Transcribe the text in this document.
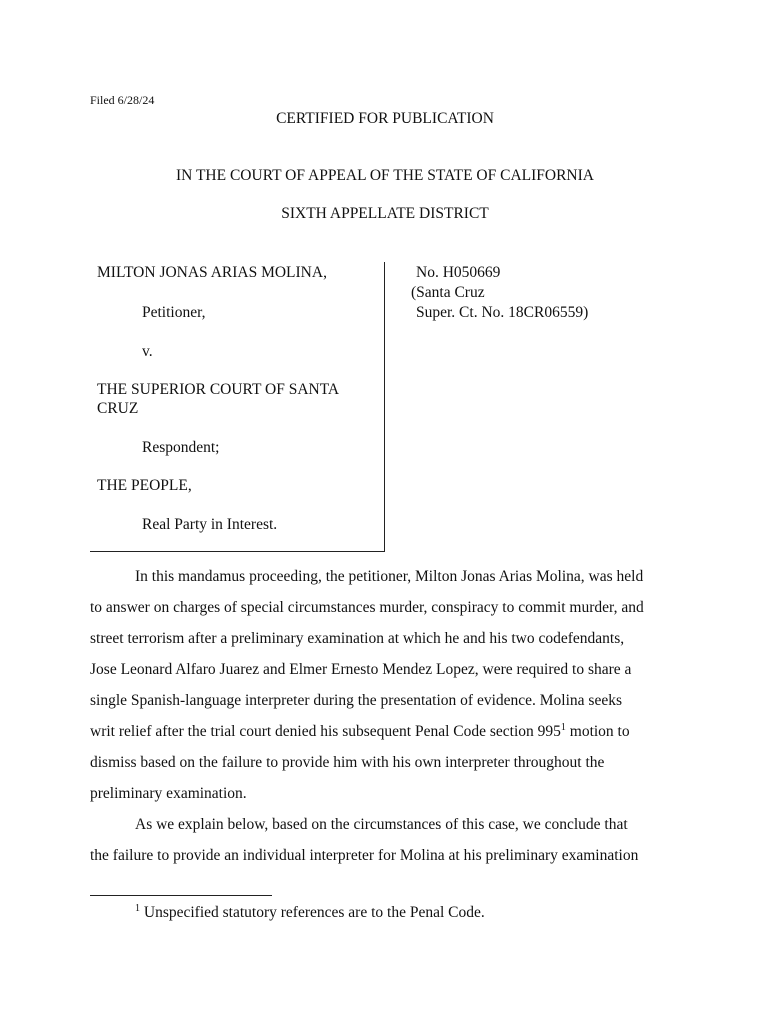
Filed 6/28/24
CERTIFIED FOR PUBLICATION
IN THE COURT OF APPEAL OF THE STATE OF CALIFORNIA
SIXTH APPELLATE DISTRICT
MILTON JONAS ARIAS MOLINA,
Petitioner,
v.
THE SUPERIOR COURT OF SANTA
CRUZ
Respondent;
THE PEOPLE,
Real Party in Interest.
No. H050669
(Santa Cruz
Super. Ct. No. 18CR06559)
In this mandamus proceeding, the petitioner, Milton Jonas Arias Molina, was held
to answer on charges of special circumstances murder, conspiracy to commit murder, and
street terrorism after a preliminary examination at which he and his two codefendants,
Jose Leonard Alfaro Juarez and Elmer Ernesto Mendez Lopez, were required to share a
single Spanish-language interpreter during the presentation of evidence. Molina seeks
writ relief after the trial court denied his subsequent Penal Code section $995^1$ motion to
dismiss based on the failure to provide him with his own interpreter throughout the
preliminary examination.
As we explain below, based on the circumstances of this case, we conclude that
the failure to provide an individual interpreter for Molina at his preliminary examination
$^1$ Unspecified statutory references are to the Penal Code.
